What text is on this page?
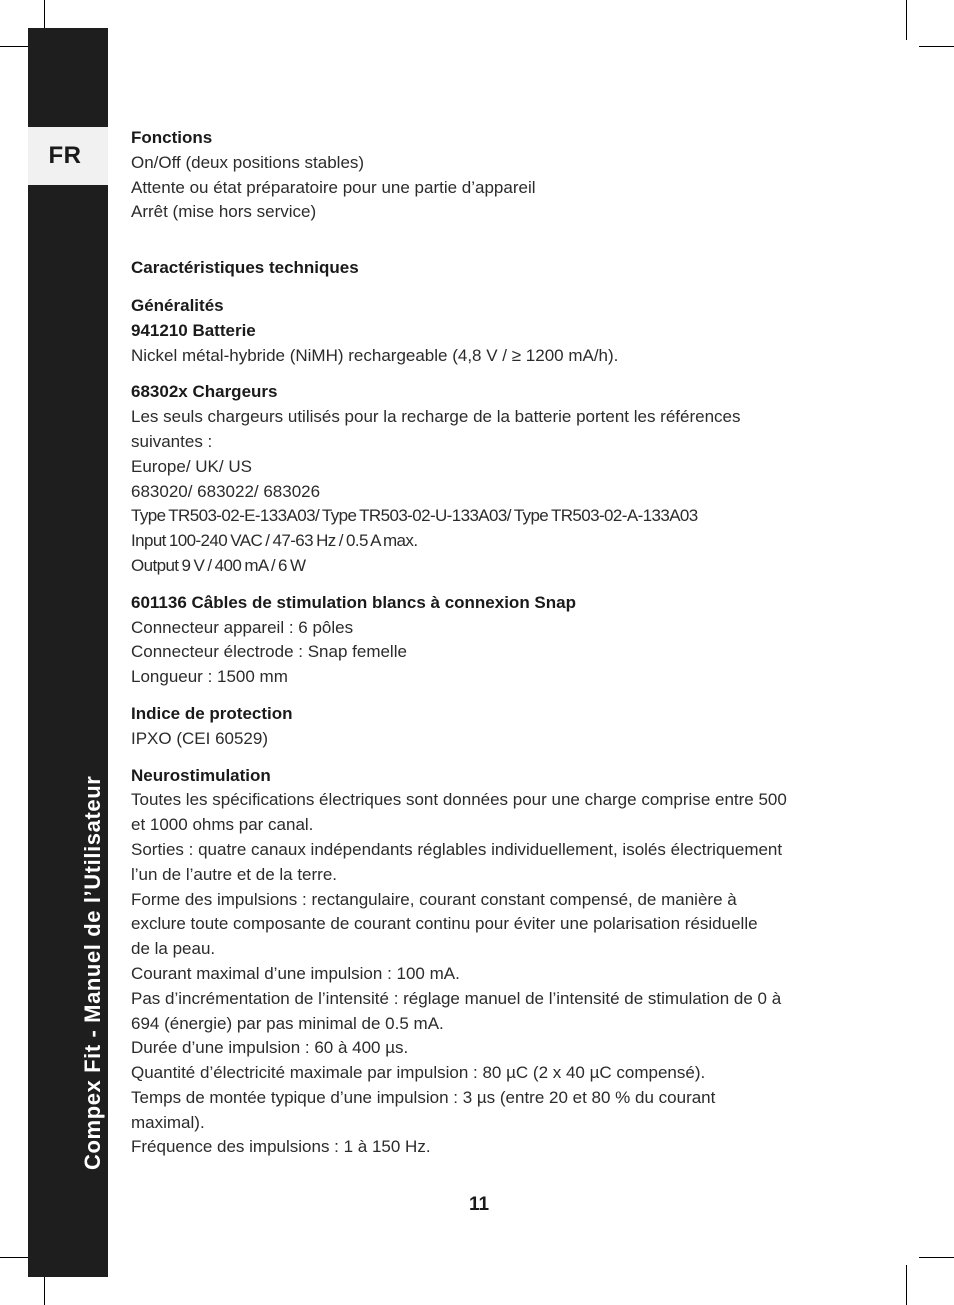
FR
Compex Fit - Manuel de l’Utilisateur

Fonctions

On/Off (deux positions stables)

Attente ou état préparatoire pour une partie d’appareil

Arrêt (mise hors service)

Caractéristiques techniques

Généralités

941210 Batterie

Nickel métal-hybride (NiMH) rechargeable (4,8 V / ≥ 1200 mA/h).

68302x Chargeurs

Les seuls chargeurs utilisés pour la recharge de la batterie portent les références

suivantes :

Europe/ UK/ US

683020/ 683022/ 683026

Type TR503-02-E-133A03/ Type TR503-02-U-133A03/ Type TR503-02-A-133A03

Input 100-240 VAC / 47-63 Hz / 0.5 A max.

Output 9 V / 400 mA / 6 W

601136 Câbles de stimulation blancs à connexion Snap

Connecteur appareil : 6 pôles

Connecteur électrode : Snap femelle

Longueur : 1500 mm

Indice de protection

IPXO (CEI 60529)

Neurostimulation

Toutes les spécifications électriques sont données pour une charge comprise entre 500

et 1000 ohms par canal.

Sorties : quatre canaux indépendants réglables individuellement, isolés électriquement

l’un de l’autre et de la terre.

Forme des impulsions : rectangulaire, courant constant compensé, de manière à

exclure toute composante de courant continu pour éviter une polarisation résiduelle

de la peau.

Courant maximal d’une impulsion : 100 mA.

Pas d’incrémentation de l’intensité : réglage manuel de l’intensité de stimulation de 0 à

694 (énergie) par pas minimal de 0.5 mA.

Durée d’une impulsion : 60 à 400 µs.

Quantité d’électricité maximale par impulsion : 80 µC (2 x 40 µC compensé).

Temps de montée typique d’une impulsion : 3 µs (entre 20 et 80 % du courant

maximal).

Fréquence des impulsions : 1 à 150 Hz.

11
